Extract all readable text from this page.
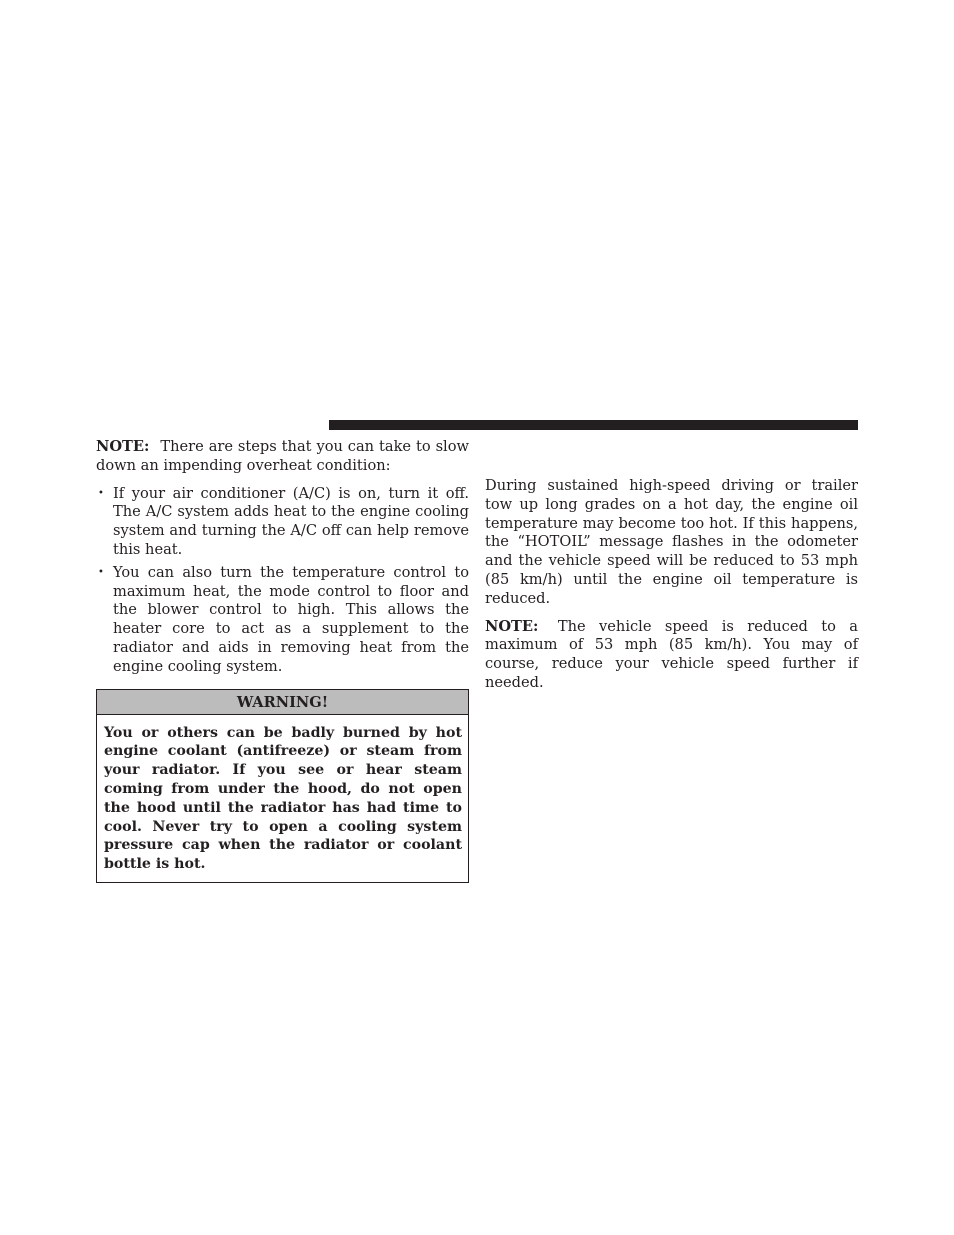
NOTE: There are steps that you can take to slow down an impending overheat condition:

• If your air conditioner (A/C) is on, turn it off. The A/C system adds heat to the engine cooling system and turning the A/C off can help remove this heat.
• You can also turn the temperature control to maximum heat, the mode control to floor and the blower control to high. This allows the heater core to act as a supplement to the radiator and aids in removing heat from the engine cooling system.
WARNING!
You or others can be badly burned by hot engine coolant (antifreeze) or steam from your radiator. If you see or hear steam coming from under the hood, do not open the hood until the radiator has had time to cool. Never try to open a cooling system pressure cap when the radiator or coolant bottle is hot.

During sustained high-speed driving or trailer tow up long grades on a hot day, the engine oil temperature may become too hot. If this happens, the “HOTOIL” message flashes in the odometer and the vehicle speed will be reduced to 53 mph (85 km/h) until the engine oil temperature is reduced.

NOTE: The vehicle speed is reduced to a maximum of 53 mph (85 km/h). You may of course, reduce your vehicle speed further if needed.
